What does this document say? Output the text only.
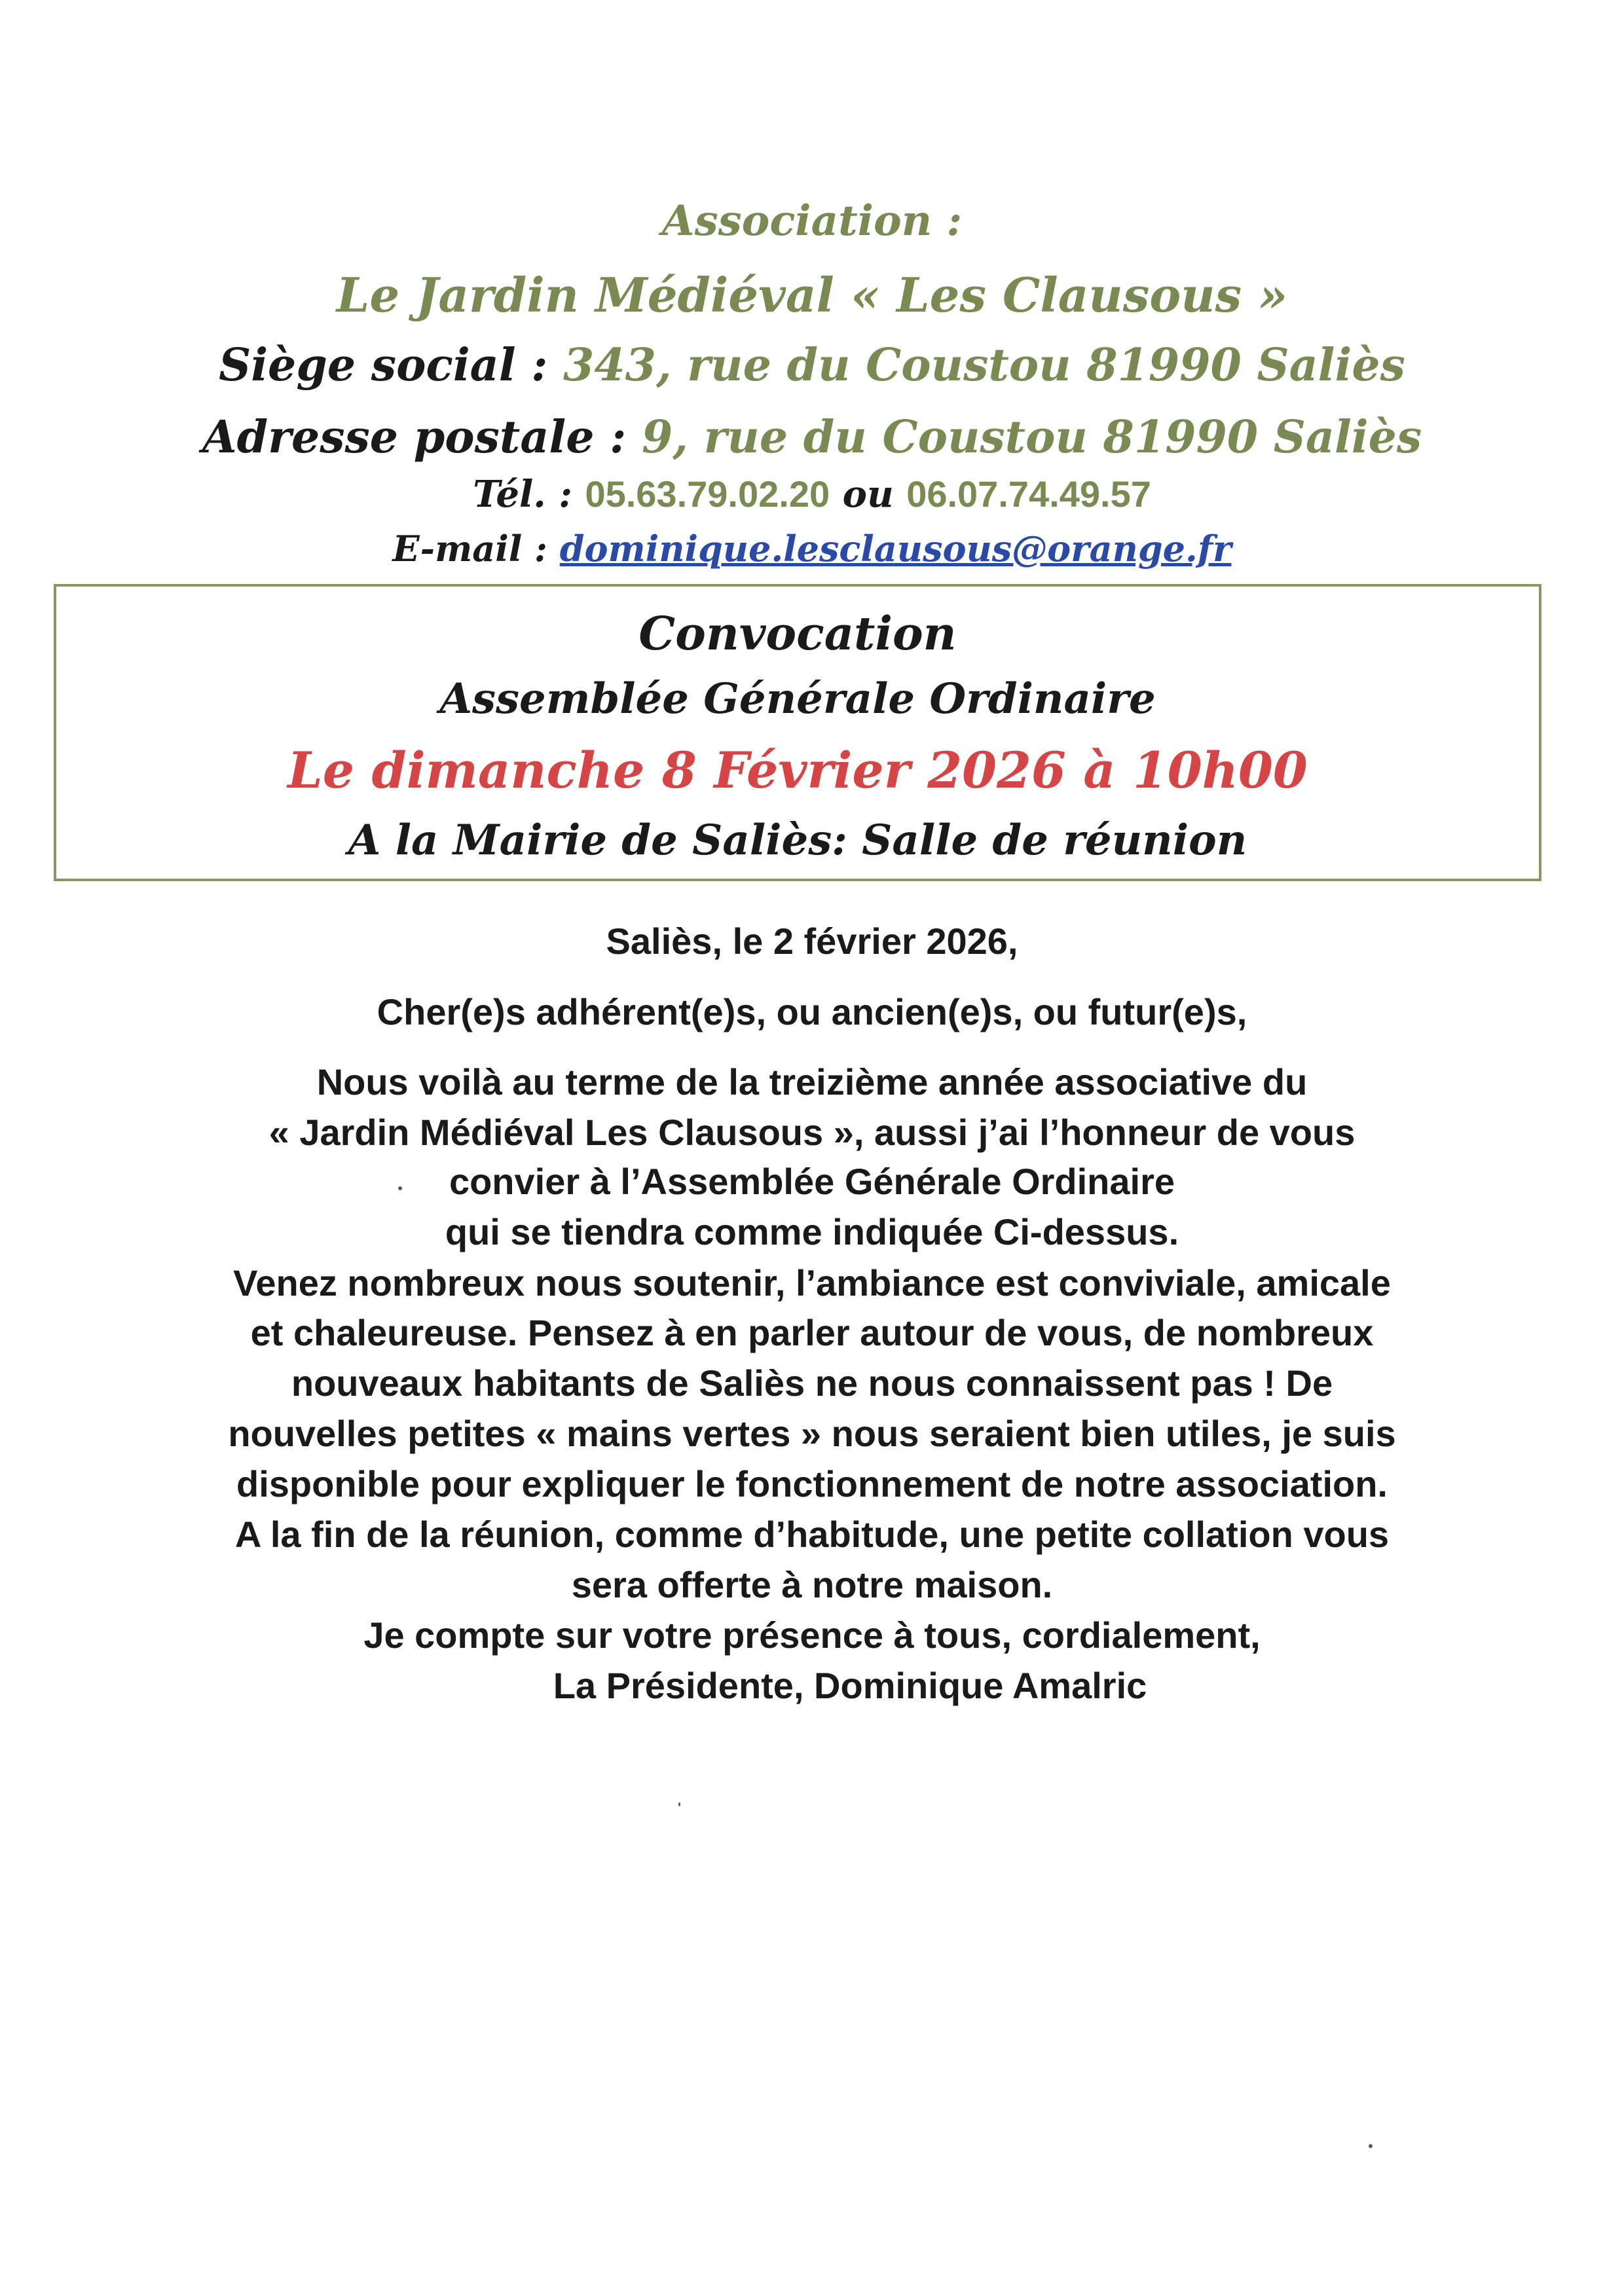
Association :
Le Jardin Médiéval « Les Clausous »
Siège social : 343, rue du Coustou 81990 Saliès
Adresse postale : 9, rue du Coustou 81990 Saliès
Tél. : 05.63.79.02.20 ou 06.07.74.49.57
E-mail : dominique.lesclausous@orange.fr
Convocation
Assemblée Générale Ordinaire
Le dimanche 8 Février 2026 à 10h00
A la Mairie de Saliès: Salle de réunion
Saliès, le 2 février 2026,
Cher(e)s adhérent(e)s, ou ancien(e)s, ou futur(e)s,
Nous voilà au terme de la treizième année associative du
« Jardin Médiéval Les Clausous », aussi j’ai l’honneur de vous
convier à l’Assemblée Générale Ordinaire
qui se tiendra comme indiquée Ci-dessus.
Venez nombreux nous soutenir, l’ambiance est conviviale, amicale
et chaleureuse. Pensez à en parler autour de vous, de nombreux
nouveaux habitants de Saliès ne nous connaissent pas ! De
nouvelles petites « mains vertes » nous seraient bien utiles, je suis
disponible pour expliquer le fonctionnement de notre association.
A la fin de la réunion, comme d’habitude, une petite collation vous
sera offerte à notre maison.
Je compte sur votre présence à tous, cordialement,
La Présidente, Dominique Amalric
